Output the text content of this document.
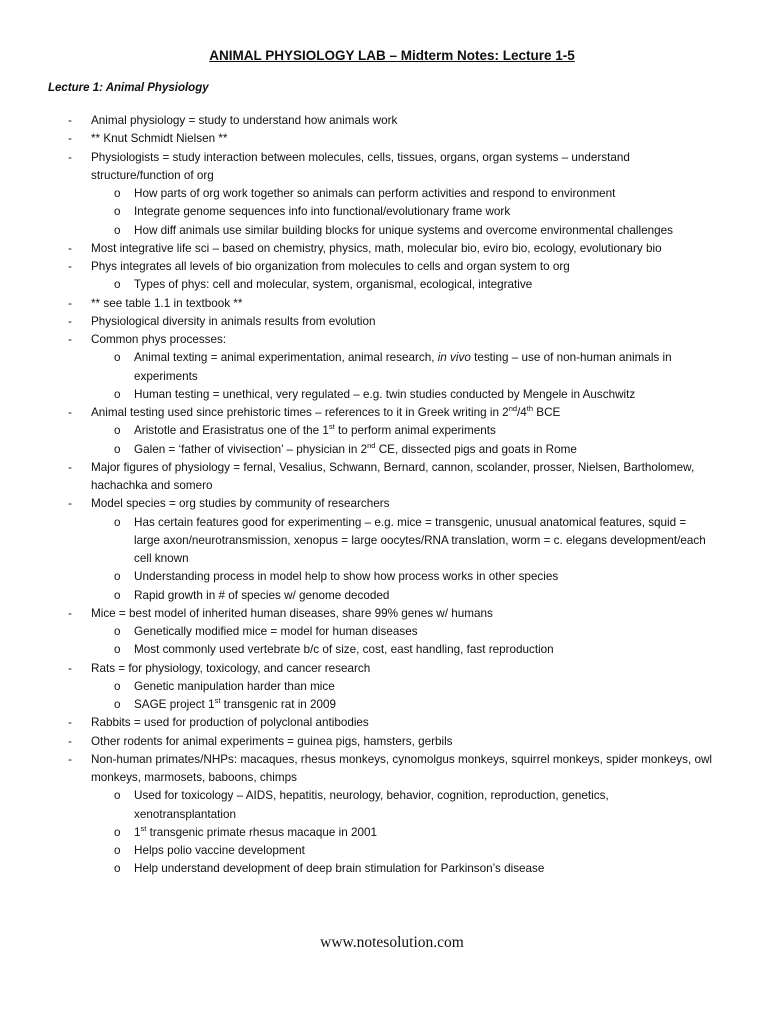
ANIMAL PHYSIOLOGY LAB – Midterm Notes: Lecture 1-5
Lecture 1: Animal Physiology
- Animal physiology = study to understand how animals work
- ** Knut Schmidt Nielsen **
- Physiologists = study interaction between molecules, cells, tissues, organs, organ systems – understand
structure/function of org
o How parts of org work together so animals can perform activities and respond to environment
o Integrate genome sequences info into functional/evolutionary frame work
o How diff animals use similar building blocks for unique systems and overcome environmental challenges
- Most integrative life sci – based on chemistry, physics, math, molecular bio, eviro bio, ecology, evolutionary bio
- Phys integrates all levels of bio organization from molecules to cells and organ system to org
o Types of phys: cell and molecular, system, organismal, ecological, integrative
- ** see table 1.1 in textbook **
- Physiological diversity in animals results from evolution
- Common phys processes:
o Animal texting = animal experimentation, animal research, in vivo testing – use of non-human animals in
experiments
o Human testing = unethical, very regulated – e.g. twin studies conducted by Mengele in Auschwitz
- Animal testing used since prehistoric times – references to it in Greek writing in 2nd/4th BCE
o Aristotle and Erasistratus one of the 1st to perform animal experiments
o Galen = ‘father of vivisection’ – physician in 2nd CE, dissected pigs and goats in Rome
- Major figures of physiology = fernal, Vesalius, Schwann, Bernard, cannon, scolander, prosser, Nielsen, Bartholomew,
hachachka and somero
- Model species = org studies by community of researchers
o Has certain features good for experimenting – e.g. mice = transgenic, unusual anatomical features, squid =
large axon/neurotransmission, xenopus = large oocytes/RNA translation, worm = c. elegans development/each
cell known
o Understanding process in model help to show how process works in other species
o Rapid growth in # of species w/ genome decoded
- Mice = best model of inherited human diseases, share 99% genes w/ humans
o Genetically modified mice = model for human diseases
o Most commonly used vertebrate b/c of size, cost, east handling, fast reproduction
- Rats = for physiology, toxicology, and cancer research
o Genetic manipulation harder than mice
o SAGE project 1st transgenic rat in 2009
- Rabbits = used for production of polyclonal antibodies
- Other rodents for animal experiments = guinea pigs, hamsters, gerbils
- Non-human primates/NHPs: macaques, rhesus monkeys, cynomolgus monkeys, squirrel monkeys, spider monkeys, owl
monkeys, marmosets, baboons, chimps
o Used for toxicology – AIDS, hepatitis, neurology, behavior, cognition, reproduction, genetics,
xenotransplantation
o 1st transgenic primate rhesus macaque in 2001
o Helps polio vaccine development
o Help understand development of deep brain stimulation for Parkinson’s disease
www.notesolution.com
